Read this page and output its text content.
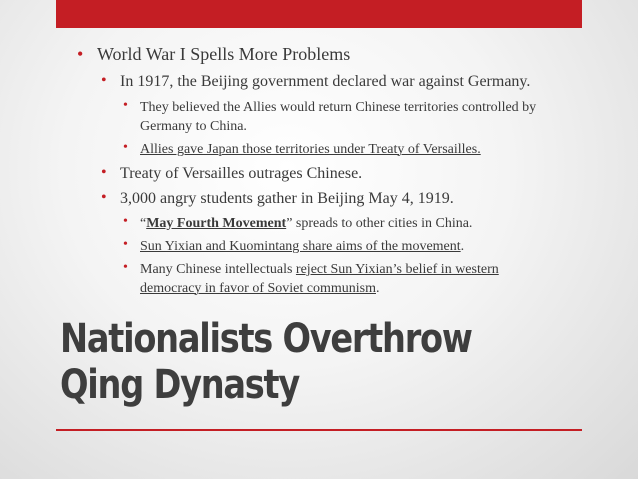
• World War I Spells More Problems
• In 1917, the Beijing government declared war against Germany.
• They believed the Allies would return Chinese territories controlled by
Germany to China.
• Allies gave Japan those territories under Treaty of Versailles.
• Treaty of Versailles outrages Chinese.
• 3,000 angry students gather in Beijing May 4, 1919.
• “May Fourth Movement” spreads to other cities in China.
• Sun Yixian and Kuomintang share aims of the movement.
• Many Chinese intellectuals reject Sun Yixian’s belief in western
democracy in favor of Soviet communism.
Nationalists Overthrow
Qing Dynasty
